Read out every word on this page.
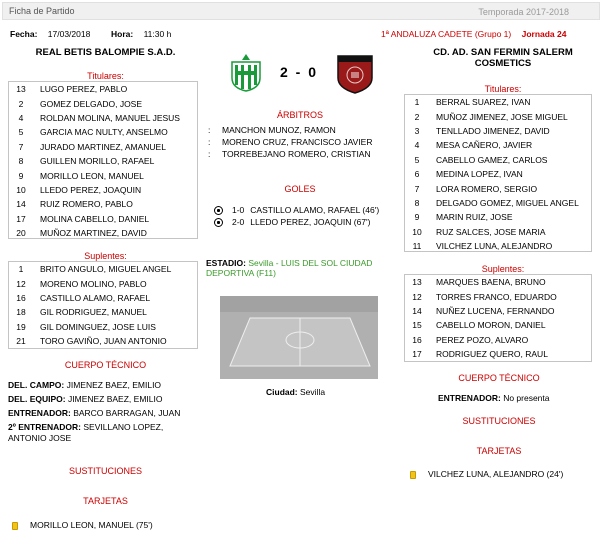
Ficha de Partido	Temporada 2017-2018
Fecha: 17/03/2018 Hora: 11:30 h	1ª ANDALUZA CADETE (Grupo 1) Jornada 24
REAL BETIS BALOMPIE S.A.D.	CD. AD. SAN FERMIN SALERM COSMETICS
2 - 0
Titulares:
13	LUGO PEREZ, PABLO
2	GOMEZ DELGADO, JOSE
4	ROLDAN MOLINA, MANUEL JESUS
5	GARCIA MAC NULTY, ANSELMO
7	JURADO MARTINEZ, AMANUEL
8	GUILLEN MORILLO, RAFAEL
9	MORILLO LEON, MANUEL
10	LLEDO PEREZ, JOAQUIN
14	RUIZ ROMERO, PABLO
17	MOLINA CABELLO, DANIEL
20	MUÑOZ MARTINEZ, DAVID
Suplentes:
1	BRITO ANGULO, MIGUEL ANGEL
12	MORENO MOLINO, PABLO
16	CASTILLO ALAMO, RAFAEL
18	GIL RODRIGUEZ, MANUEL
19	GIL DOMINGUEZ, JOSE LUIS
21	TORO GAVIÑO, JUAN ANTONIO
CUERPO TÉCNICO
DEL. CAMPO: JIMENEZ BAEZ, EMILIO
DEL. EQUIPO: JIMENEZ BAEZ, EMILIO
ENTRENADOR: BARCO BARRAGAN, JUAN
2º ENTRENADOR: SEVILLANO LOPEZ, ANTONIO JOSE
SUSTITUCIONES
TARJETAS
MORILLO LEON, MANUEL (75')
ÁRBITROS
: MANCHON MUNOZ, RAMON
: MORENO CRUZ, FRANCISCO JAVIER
: TORREBEJANO ROMERO, CRISTIAN
GOLES
1-0 CASTILLO ALAMO, RAFAEL (46')
2-0 LLEDO PEREZ, JOAQUIN (67')
ESTADIO: Sevilla - LUIS DEL SOL CIUDAD DEPORTIVA (F11)
Ciudad: Sevilla
Titulares:
1	BERRAL SUAREZ, IVAN
2	MUÑOZ JIMENEZ, JOSE MIGUEL
3	TENLLADO JIMENEZ, DAVID
4	MESA CAÑERO, JAVIER
5	CABELLO GAMEZ, CARLOS
6	MEDINA LOPEZ, IVAN
7	LORA ROMERO, SERGIO
8	DELGADO GOMEZ, MIGUEL ANGEL
9	MARIN RUIZ, JOSE
10	RUZ SALCES, JOSE MARIA
11	VILCHEZ LUNA, ALEJANDRO
Suplentes:
13	MARQUES BAENA, BRUNO
12	TORRES FRANCO, EDUARDO
14	NUÑEZ LUCENA, FERNANDO
15	CABELLO MORON, DANIEL
16	PEREZ POZO, ALVARO
17	RODRIGUEZ QUERO, RAUL
CUERPO TÉCNICO
ENTRENADOR: No presenta
SUSTITUCIONES
TARJETAS
VILCHEZ LUNA, ALEJANDRO (24')
